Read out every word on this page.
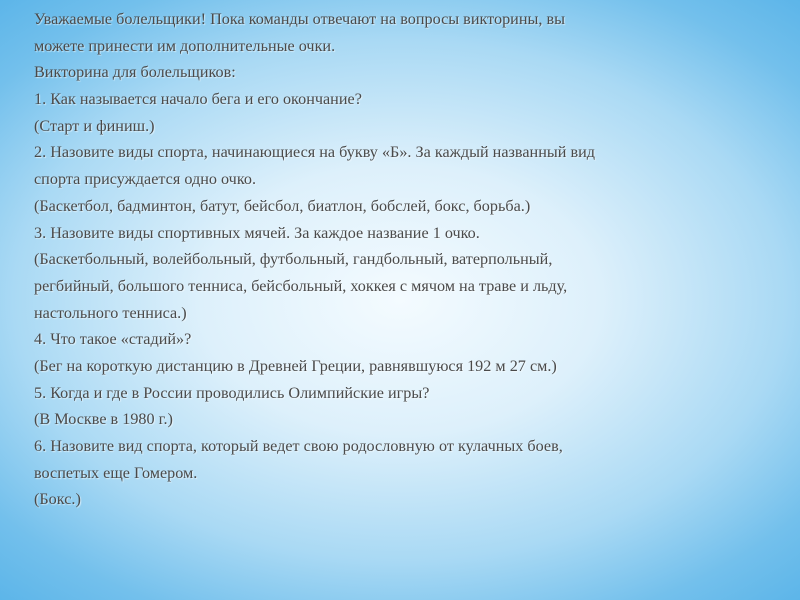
Уважаемые болельщики! Пока команды отвечают на вопросы викторины, вы

можете принести им дополнительные очки.

Викторина для болельщиков:

1. Как называется начало бега и его окончание?

(Старт и финиш.)

2. Назовите виды спорта, начинающиеся на букву «Б». За каждый названный вид

спорта присуждается одно очко.

(Баскетбол, бадминтон, батут, бейсбол, биатлон, бобслей, бокс, борьба.)

3. Назовите виды спортивных мячей. За каждое название 1 очко.

(Баскетбольный, волейбольный, футбольный, гандбольный, ватерпольный,

регбийный, большого тенниса, бейсбольный, хоккея с мячом на траве и льду,

настольного тенниса.)

4. Что такое «стадий»?

(Бег на короткую дистанцию в Древней Греции, равнявшуюся 192 м 27 см.)

5. Когда и где в России проводились Олимпийские игры?

(В Москве в 1980 г.)

6. Назовите вид спорта, который ведет свою родословную от кулачных боев,

воспетых еще Гомером.

(Бокс.)
